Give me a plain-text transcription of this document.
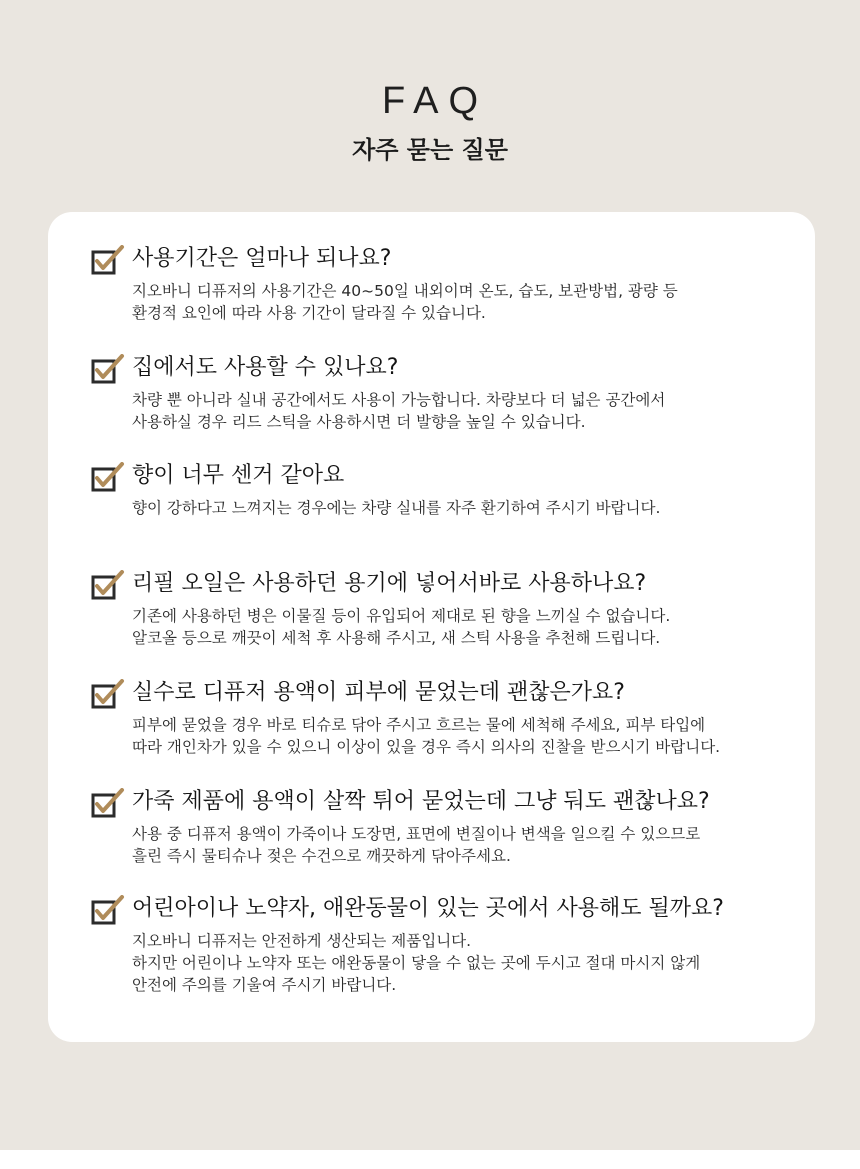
FAQ
자주 묻는 질문
사용기간은 얼마나 되나요?
지오바니 디퓨저의 사용기간은 40~50일 내외이며 온도, 습도, 보관방법, 광량 등
환경적 요인에 따라 사용 기간이 달라질 수 있습니다.
집에서도 사용할 수 있나요?
차량 뿐 아니라 실내 공간에서도 사용이 가능합니다. 차량보다 더 넓은 공간에서
사용하실 경우 리드 스틱을 사용하시면 더 발향을 높일 수 있습니다.
향이 너무 센거 같아요
향이 강하다고 느껴지는 경우에는 차량 실내를 자주 환기하여 주시기 바랍니다.
리필 오일은 사용하던 용기에 넣어서바로 사용하나요?
기존에 사용하던 병은 이물질 등이 유입되어 제대로 된 향을 느끼실 수 없습니다.
알코올 등으로 깨끗이 세척 후 사용해 주시고, 새 스틱 사용을 추천해 드립니다.
실수로 디퓨저 용액이 피부에 묻었는데 괜찮은가요?
피부에 묻었을 경우 바로 티슈로 닦아 주시고 흐르는 물에 세척해 주세요, 피부 타입에
따라 개인차가 있을 수 있으니 이상이 있을 경우 즉시 의사의 진찰을 받으시기 바랍니다.
가죽 제품에 용액이 살짝 튀어 묻었는데 그냥 둬도 괜찮나요?
사용 중 디퓨저 용액이 가죽이나 도장면, 표면에 변질이나 변색을 일으킬 수 있으므로
흘린 즉시 물티슈나 젖은 수건으로 깨끗하게 닦아주세요.
어린아이나 노약자, 애완동물이 있는 곳에서 사용해도 될까요?
지오바니 디퓨저는 안전하게 생산되는 제품입니다.
하지만 어린이나 노약자 또는 애완동물이 닿을 수 없는 곳에 두시고 절대 마시지 않게
안전에 주의를 기울여 주시기 바랍니다.
